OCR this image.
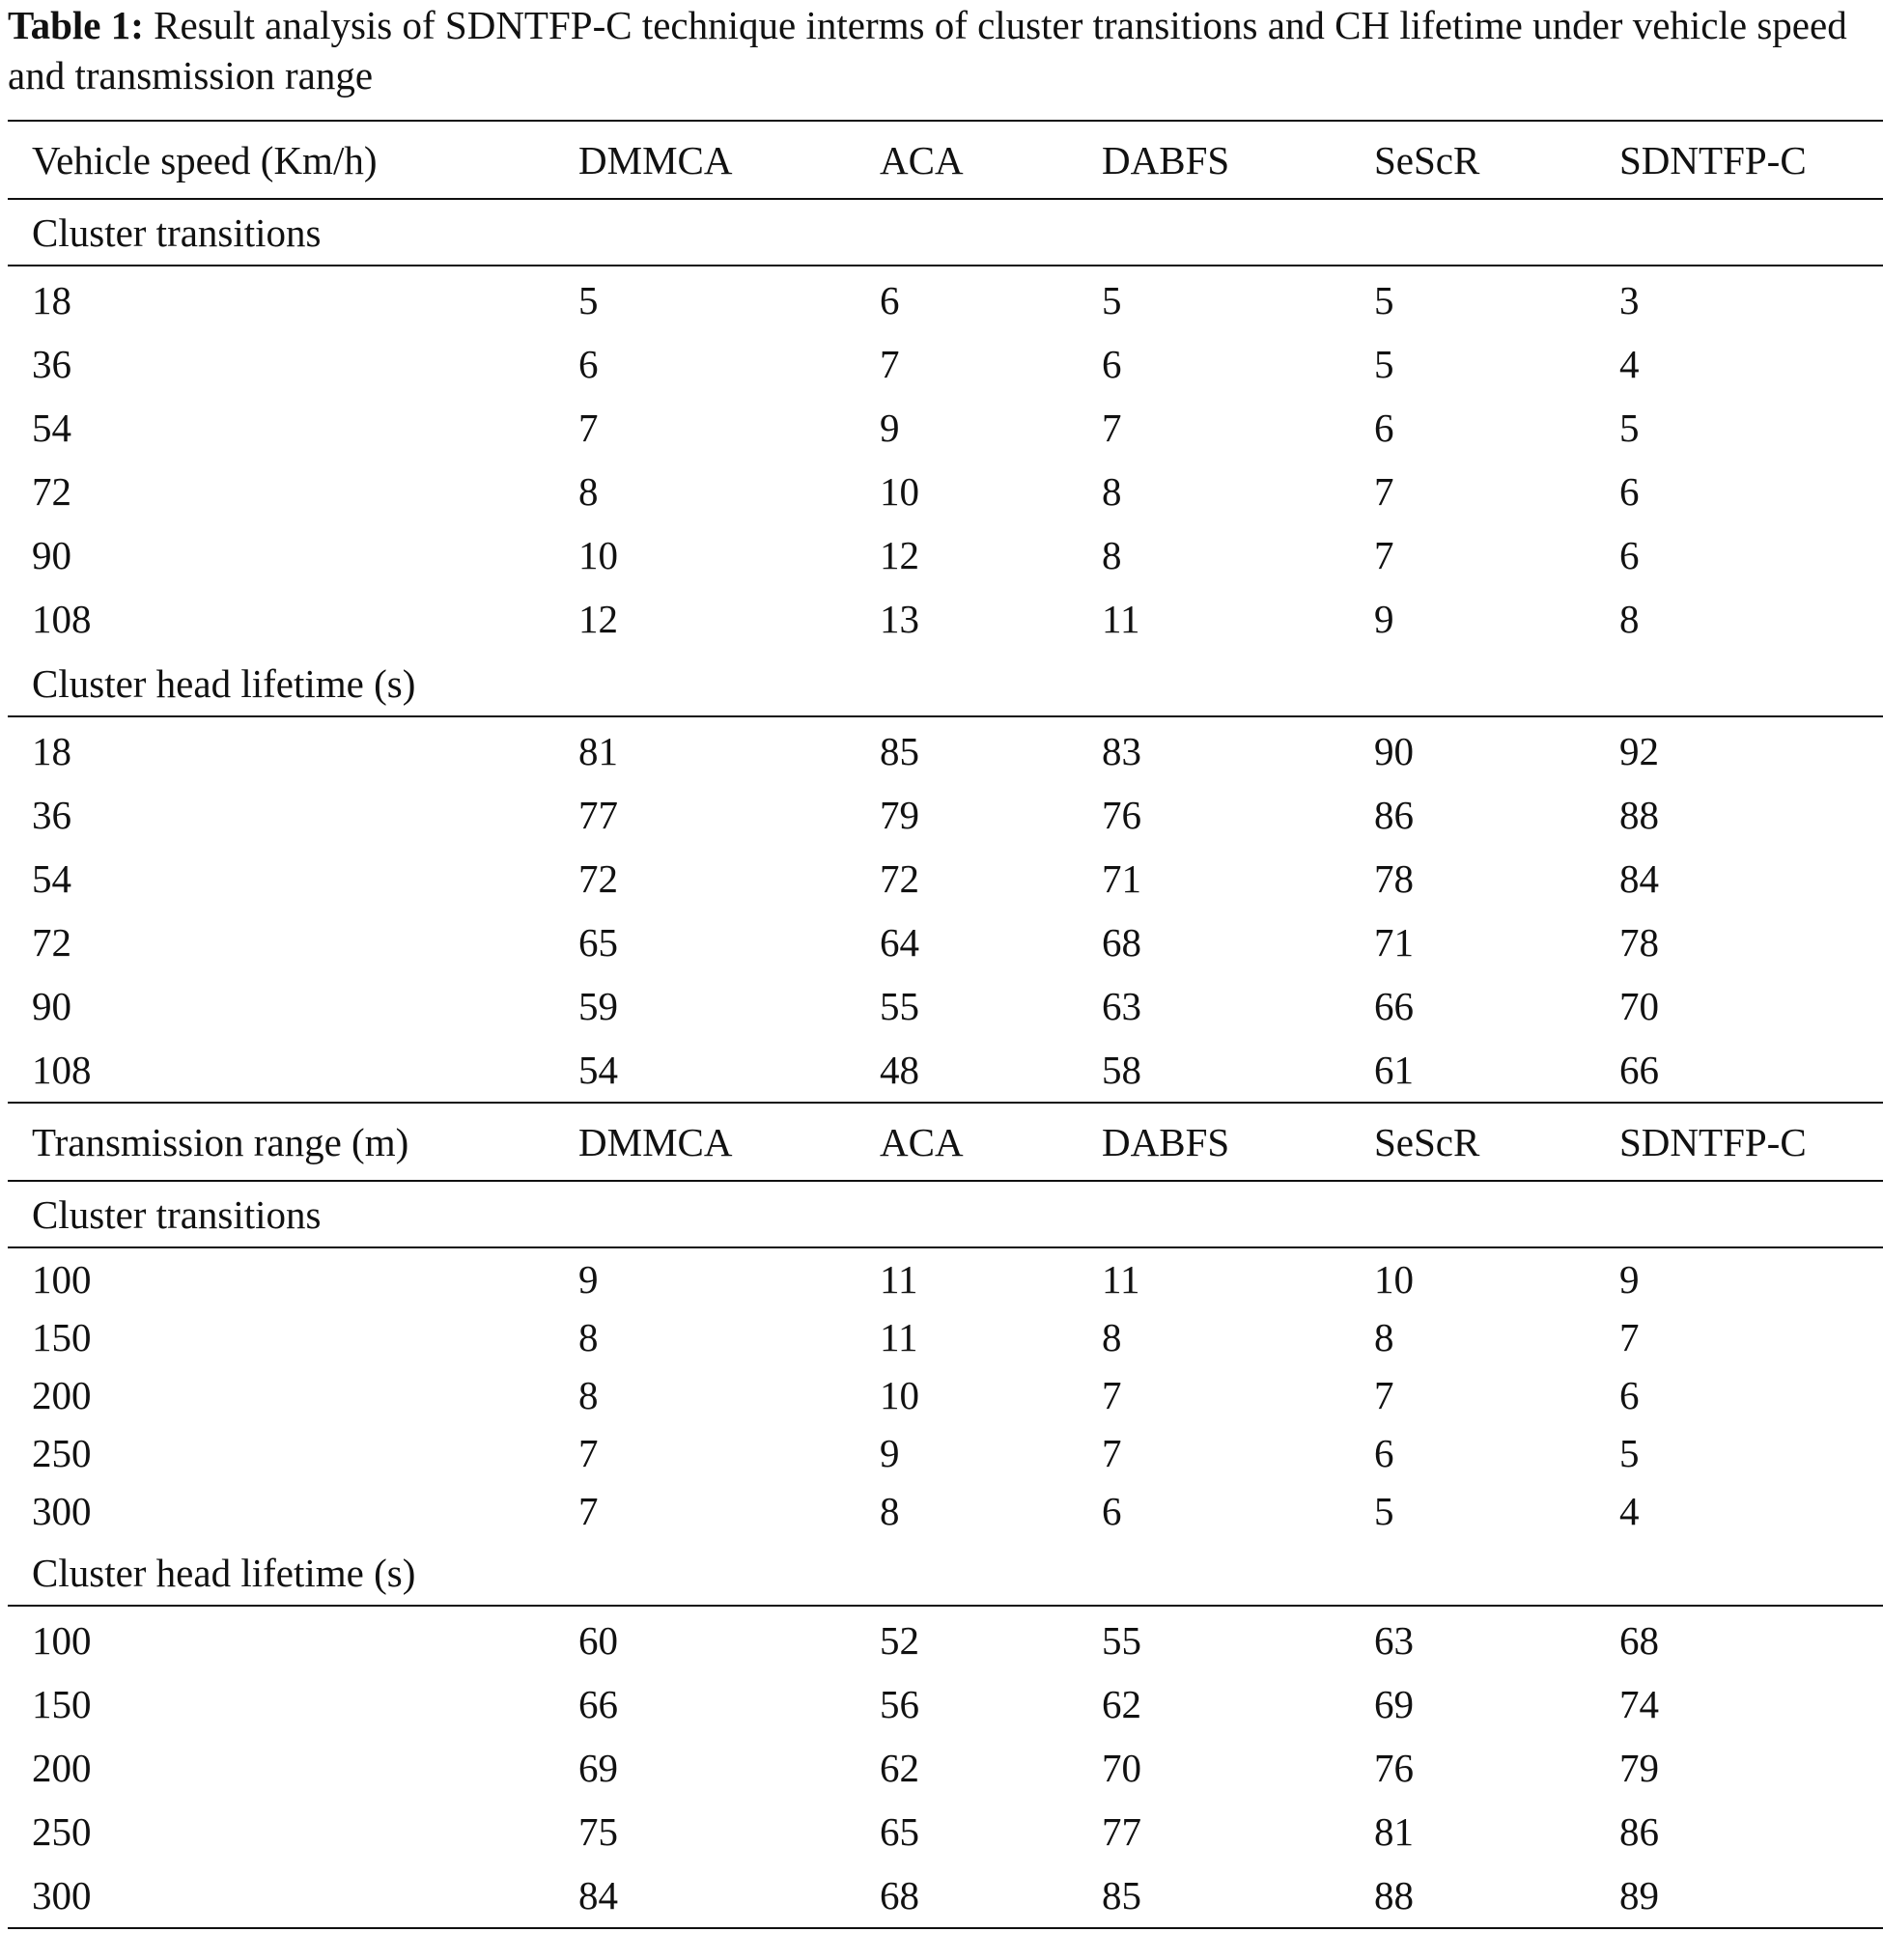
Table 1: Result analysis of SDNTFP-C technique interms of cluster transitions and CH lifetime under vehicle speed and transmission range
Vehicle speed (Km/h)	DMMCA	ACA	DABFS	SeScR	SDNTFP-C
Cluster transitions					
18	5	6	5	5	3
36	6	7	6	5	4
54	7	9	7	6	5
72	8	10	8	7	6
90	10	12	8	7	6
108	12	13	11	9	8
Cluster head lifetime (s)					
18	81	85	83	90	92
36	77	79	76	86	88
54	72	72	71	78	84
72	65	64	68	71	78
90	59	55	63	66	70
108	54	48	58	61	66
Transmission range (m)	DMMCA	ACA	DABFS	SeScR	SDNTFP-C
Cluster transitions					
100	9	11	11	10	9
150	8	11	8	8	7
200	8	10	7	7	6
250	7	9	7	6	5
300	7	8	6	5	4
Cluster head lifetime (s)					
100	60	52	55	63	68
150	66	56	62	69	74
200	69	62	70	76	79
250	75	65	77	81	86
300	84	68	85	88	89
